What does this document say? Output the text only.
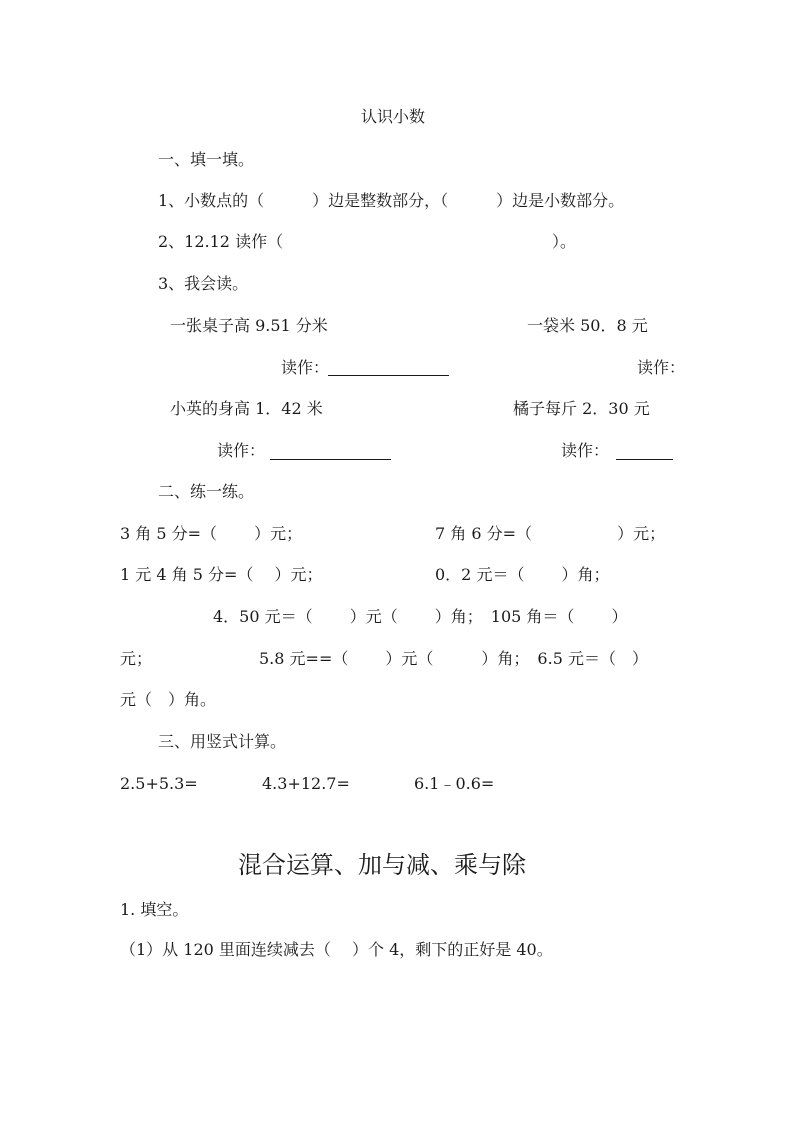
认识小数
一、填一填。
1、小数点的（　　　）边是整数部分，（　　　）边是小数部分。
2、12.12 读作（	）。
3、我会读。
一张桌子高 9.51 分米	一袋米 50．8 元
读作：	读作：
小英的身高 1．42 米	橘子每斤 2．30 元
读作：	读作：
二、练一练。
3 角 5 分=（　　 ）元；	7 角 6 分=（　　　　　 ）元；
1 元 4 角 5 分=（　 ）元；	0．2 元＝（　　 ）角；
4．50 元＝（　　 ）元（　　 ）角；　105 角＝（　　 ）
元；	5.8 元==（　　 ）元（　　　）角；　6.5 元＝（　）
元（　）角。
三、用竖式计算。
2.5+5.3=	4.3+12.7=	6.1﹣0.6=
混合运算、加与减、乘与除
1. 填空。
（1）从 120 里面连续减去（　 ）个 4，剩下的正好是 40。
